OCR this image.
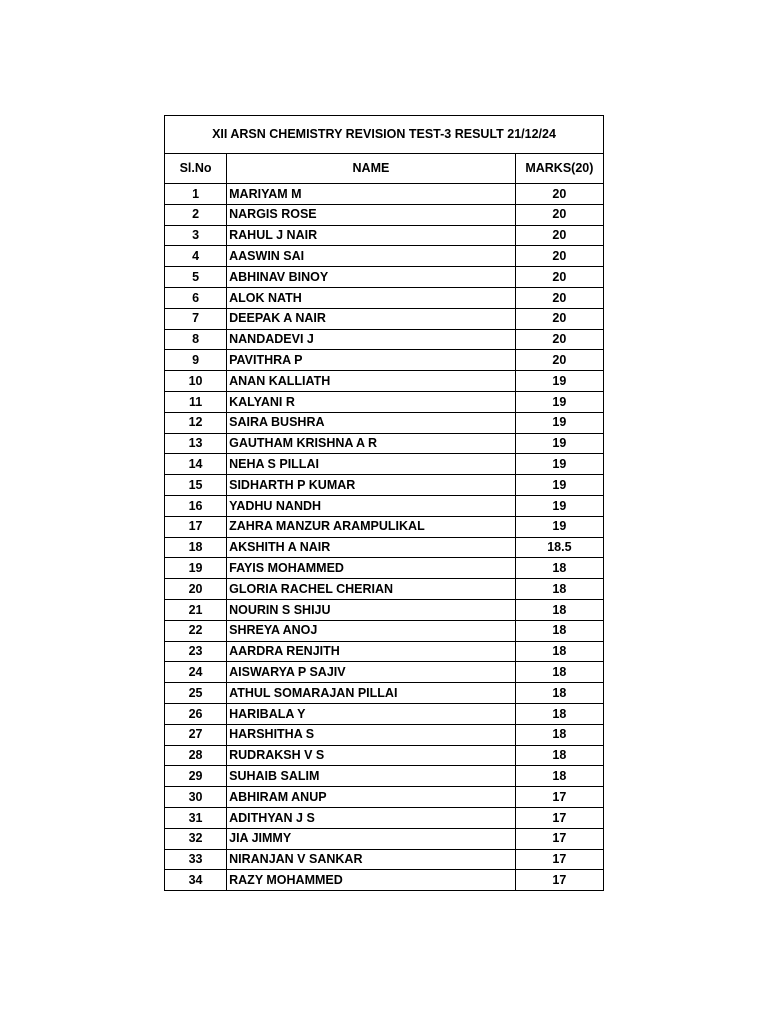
XII ARSN CHEMISTRY REVISION TEST-3 RESULT 21/12/24		
Sl.No	NAME	MARKS(20)
1	MARIYAM M	20
2	NARGIS ROSE	20
3	RAHUL J NAIR	20
4	AASWIN SAI	20
5	ABHINAV BINOY	20
6	ALOK NATH	20
7	DEEPAK A NAIR	20
8	NANDADEVI J	20
9	PAVITHRA P	20
10	ANAN KALLIATH	19
11	KALYANI R	19
12	SAIRA BUSHRA	19
13	GAUTHAM KRISHNA A R	19
14	NEHA S PILLAI	19
15	SIDHARTH P KUMAR	19
16	YADHU NANDH	19
17	ZAHRA MANZUR ARAMPULIKAL	19
18	AKSHITH A NAIR	18.5
19	FAYIS MOHAMMED	18
20	GLORIA RACHEL CHERIAN	18
21	NOURIN S SHIJU	18
22	SHREYA ANOJ	18
23	AARDRA RENJITH	18
24	AISWARYA P SAJIV	18
25	ATHUL SOMARAJAN PILLAI	18
26	HARIBALA Y	18
27	HARSHITHA S	18
28	RUDRAKSH V S	18
29	SUHAIB SALIM	18
30	ABHIRAM ANUP	17
31	ADITHYAN J S	17
32	JIA JIMMY	17
33	NIRANJAN V SANKAR	17
34	RAZY MOHAMMED	17
